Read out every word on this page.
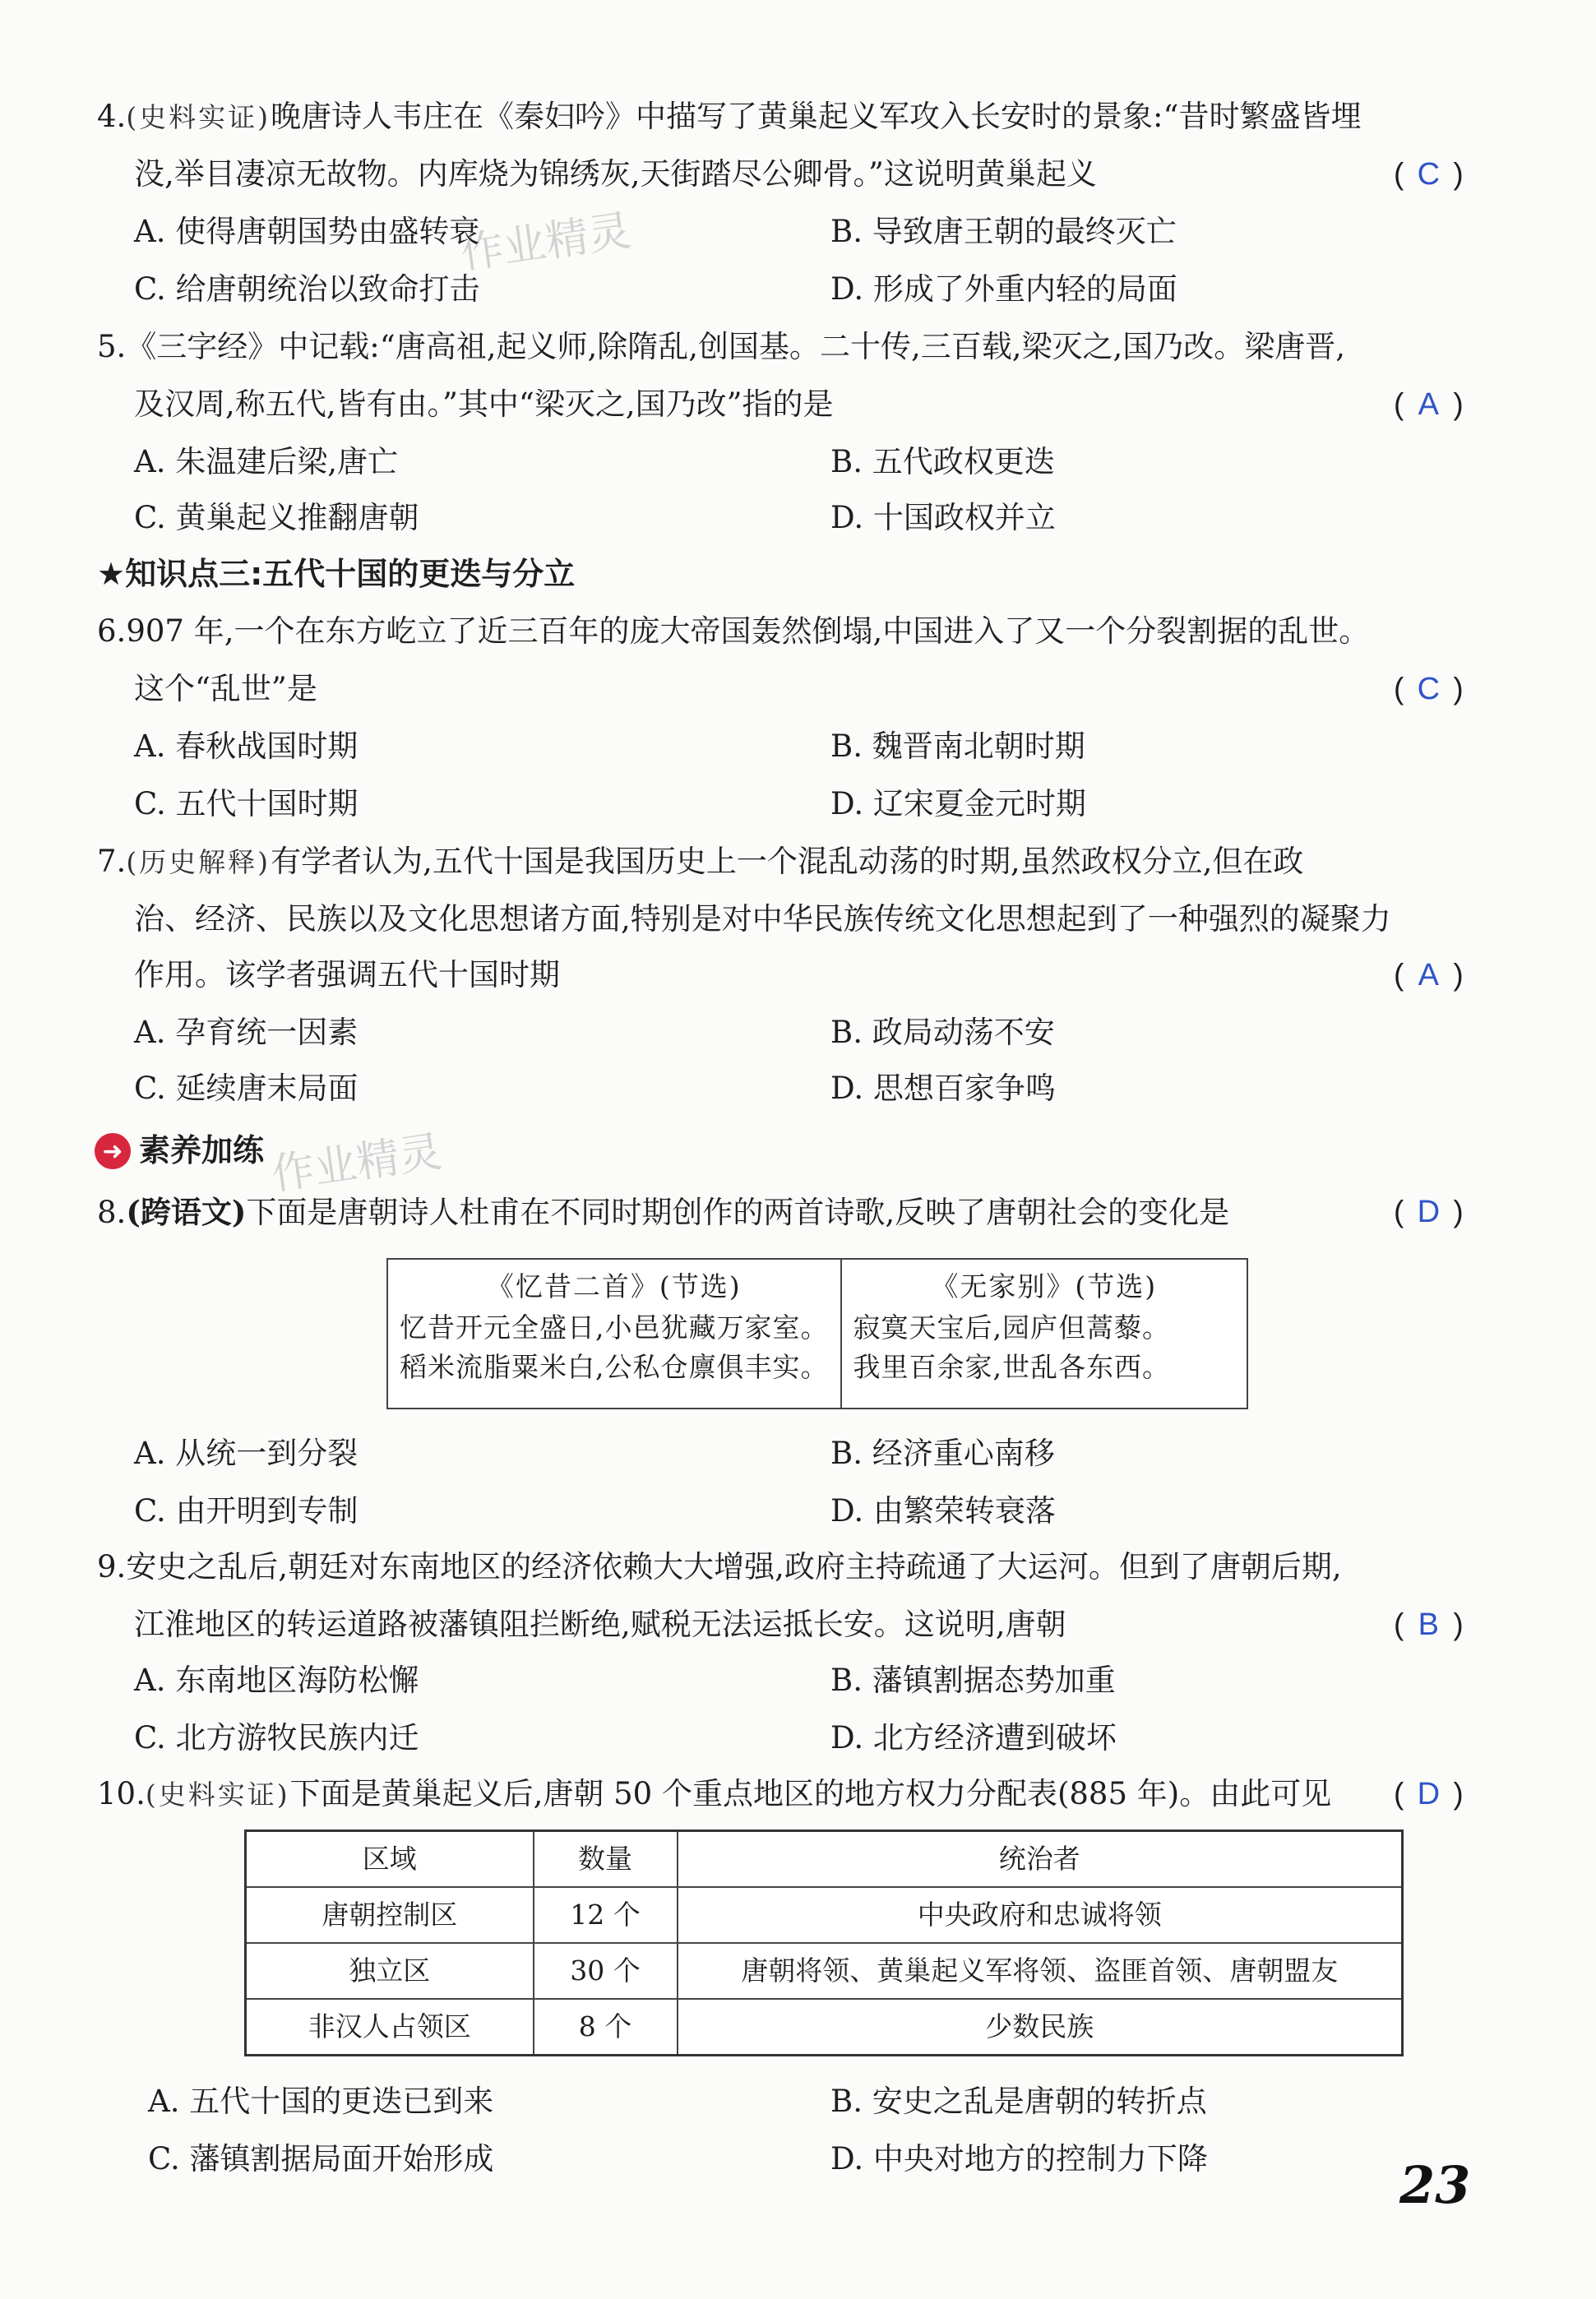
作业精灵
作业精灵
4.(史料实证)晚唐诗人韦庄在《秦妇吟》中描写了黄巢起义军攻入长安时的景象:“昔时繁盛皆埋
没,举目凄凉无故物。内库烧为锦绣灰,天街踏尽公卿骨。”这说明黄巢起义	( C )
A. 使得唐朝国势由盛转衰	B. 导致唐王朝的最终灭亡
C. 给唐朝统治以致命打击	D. 形成了外重内轻的局面
5.《三字经》中记载:“唐高祖,起义师,除隋乱,创国基。二十传,三百载,梁灭之,国乃改。梁唐晋,
及汉周,称五代,皆有由。”其中“梁灭之,国乃改”指的是	( A )
A. 朱温建后梁,唐亡	B. 五代政权更迭
C. 黄巢起义推翻唐朝	D. 十国政权并立
★知识点三:五代十国的更迭与分立
6.907 年,一个在东方屹立了近三百年的庞大帝国轰然倒塌,中国进入了又一个分裂割据的乱世。
这个“乱世”是	( C )
A. 春秋战国时期	B. 魏晋南北朝时期
C. 五代十国时期	D. 辽宋夏金元时期
7.(历史解释)有学者认为,五代十国是我国历史上一个混乱动荡的时期,虽然政权分立,但在政
治、经济、民族以及文化思想诸方面,特别是对中华民族传统文化思想起到了一种强烈的凝聚力
作用。该学者强调五代十国时期	( A )
A. 孕育统一因素	B. 政局动荡不安
C. 延续唐末局面	D. 思想百家争鸣
➜ 素养加练
8.(跨语文)下面是唐朝诗人杜甫在不同时期创作的两首诗歌,反映了唐朝社会的变化是	( D )
《忆昔二首》(节选)
忆昔开元全盛日,小邑犹藏万家室。
稻米流脂粟米白,公私仓廪俱丰实。
《无家别》(节选)
寂寞天宝后,园庐但蒿藜。
我里百余家,世乱各东西。
A. 从统一到分裂	B. 经济重心南移
C. 由开明到专制	D. 由繁荣转衰落
9.安史之乱后,朝廷对东南地区的经济依赖大大增强,政府主持疏通了大运河。但到了唐朝后期,
江淮地区的转运道路被藩镇阻拦断绝,赋税无法运抵长安。这说明,唐朝	( B )
A. 东南地区海防松懈	B. 藩镇割据态势加重
C. 北方游牧民族内迁	D. 北方经济遭到破坏
10.(史料实证)下面是黄巢起义后,唐朝 50 个重点地区的地方权力分配表(885 年)。由此可见 ( D )
区域	数量	统治者
唐朝控制区	12 个	中央政府和忠诚将领
独立区	30 个	唐朝将领、黄巢起义军将领、盗匪首领、唐朝盟友
非汉人占领区	8 个	少数民族
A. 五代十国的更迭已到来	B. 安史之乱是唐朝的转折点
C. 藩镇割据局面开始形成	D. 中央对地方的控制力下降	23
